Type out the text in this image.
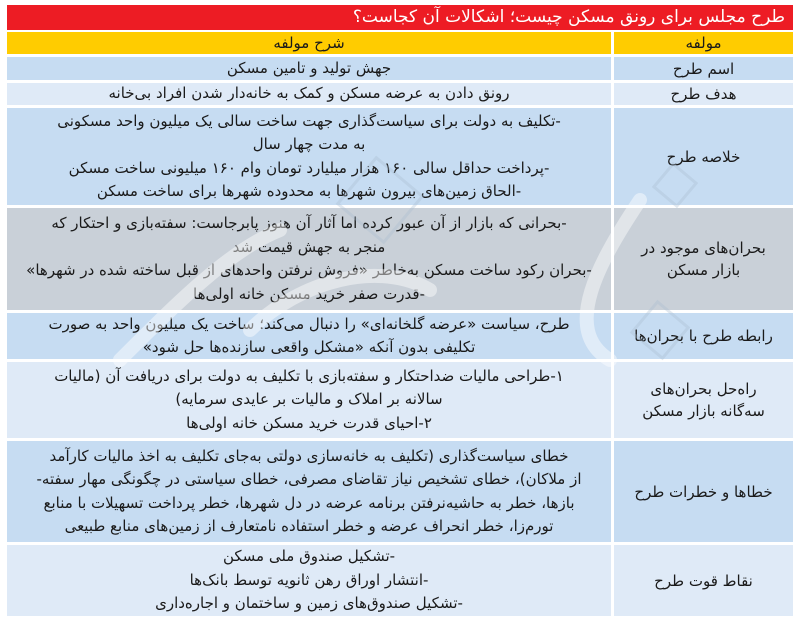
طرح مجلس برای رونق مسکن چیست؛ اشکالات آن کجاست؟
مولفه
شرح مولفه
اسم طرح
جهش تولید و تامین مسکن
هدف طرح
رونق دادن به عرضه مسکن و کمک به خانه‌دار شدن افراد بی‌خانه
خلاصه طرح
-تکلیف به دولت برای سیاست‌گذاری جهت ساخت سالی یک میلیون واحد مسکونی
به مدت چهار سال
-پرداخت حداقل سالی ۱۶۰ هزار میلیارد تومان وام ۱۶۰ میلیونی ساخت مسکن
-الحاق زمین‌های بیرون شهرها به محدوده شهرها برای ساخت مسکن
بحران‌های موجود در
بازار مسکن
-بحرانی که بازار از آن عبور کرده اما آثار آن هنوز پابرجاست: سفته‌بازی و احتکار که
منجر به جهش قیمت شد
-بحران رکود ساخت مسکن به‌خاطر «فروش نرفتن واحدهای از قبل ساخته شده در شهرها»
-قدرت صفر خرید مسکن خانه اولی‌ها
رابطه طرح با بحران‌ها
طرح، سیاست «عرضه گلخانه‌ای» را دنبال می‌کند؛ ساخت یک میلیون واحد به صورت
تکلیفی بدون آنکه «مشکل واقعی سازنده‌ها حل شود»
راه‌حل بحران‌های
سه‌گانه بازار مسکن
۱-طراحی مالیات ضداحتکار و سفته‌بازی با تکلیف به دولت برای دریافت آن (مالیات
سالانه بر املاک و مالیات بر عایدی سرمایه)
۲-احیای قدرت خرید مسکن خانه اولی‌ها
خطاها و خطرات طرح
خطای سیاست‌گذاری (تکلیف به خانه‌سازی دولتی به‌جای تکلیف به اخذ مالیات کارآمد
از ملاکان)، خطای تشخیص نیاز تقاضای مصرفی، خطای سیاستی در چگونگی مهار سفته-
بازها، خطر به حاشیه‌نرفتن برنامه عرضه در دل شهرها، خطر پرداخت تسهیلات با منابع
تورم‌زا، خطر انحراف عرضه و خطر استفاده نامتعارف از زمین‌های منابع طبیعی
نقاط قوت طرح
-تشکیل صندوق ملی مسکن
-انتشار اوراق رهن ثانویه توسط بانک‌ها
-تشکیل صندوق‌های زمین و ساختمان و اجاره‌داری
